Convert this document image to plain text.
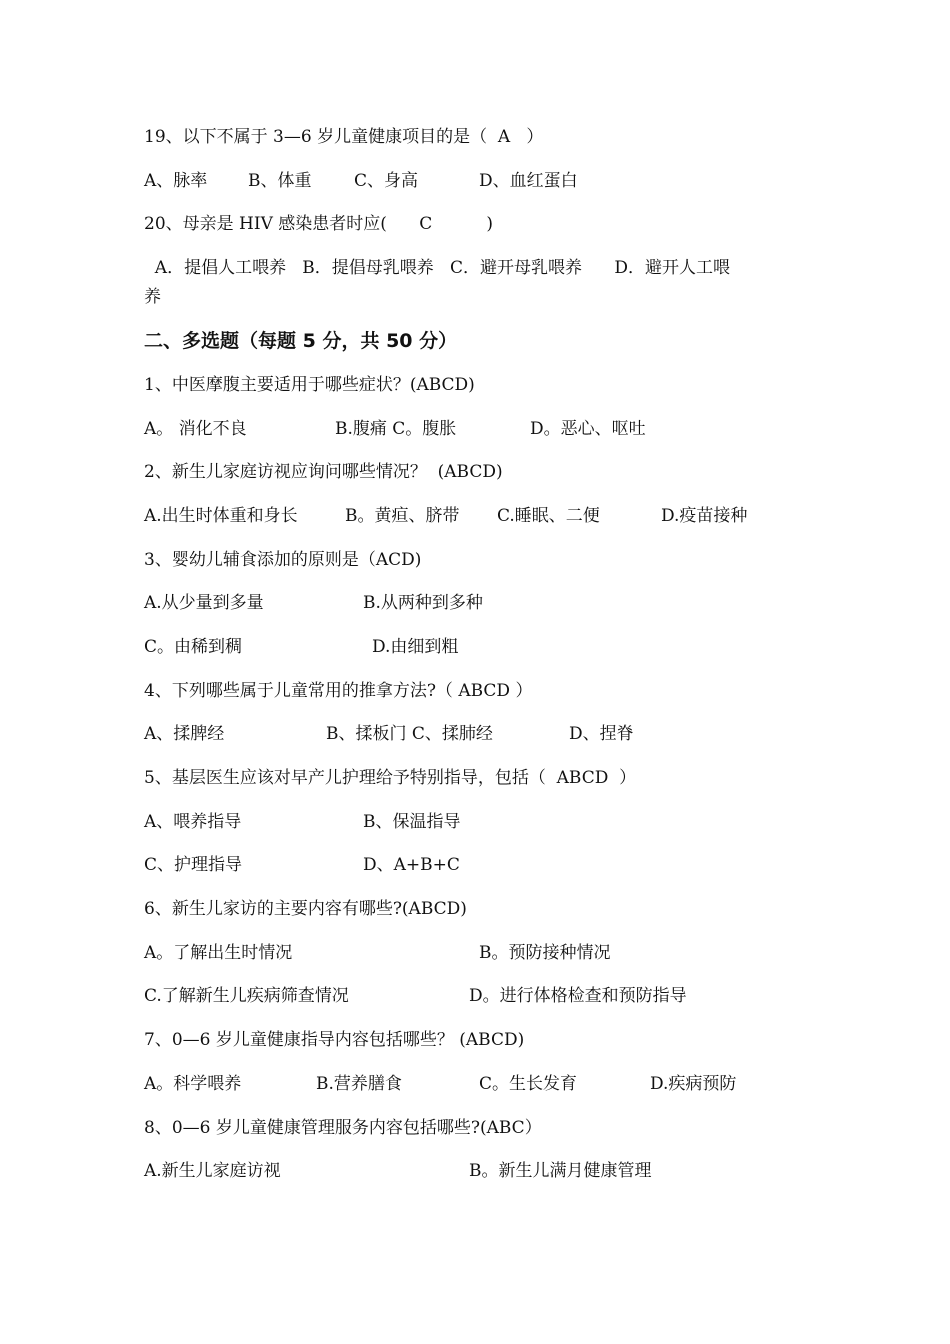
19、以下不属于 3—6 岁儿童健康项目的是（  A   ）
A、脉率 B、体重	C、身高	D、血红蛋白
20、母亲是 HIV 感染患者时应(      C          )
A．提倡人工喂养   B．提倡母乳喂养   C．避开母乳喂养      D．避开人工喂
养
二、多选题（每题 5 分，共 50 分）
1、中医摩腹主要适用于哪些症状？(ABCD)
A。 消化不良	B.腹痛 C。腹胀	D。恶心、呕吐
2、新生儿家庭访视应询问哪些情况？  (ABCD)
A.出生时体重和身长	B。黄疸、脐带 C.睡眠、二便	D.疫苗接种
3、婴幼儿辅食添加的原则是（ACD)
A.从少量到多量	B.从两种到多种
C。由稀到稠	D.由细到粗
4、下列哪些属于儿童常用的推拿方法?（ ABCD ）
A、揉脾经	B、揉板门 C、揉肺经	D、捏脊
5、基层医生应该对早产儿护理给予特别指导，包括（  ABCD  ）
A、喂养指导	B、保温指导
C、护理指导	D、A+B+C
6、新生儿家访的主要内容有哪些?(ABCD)
A。了解出生时情况	B。预防接种情况
C.了解新生儿疾病筛查情况	D。进行体格检查和预防指导
7、0—6 岁儿童健康指导内容包括哪些？ (ABCD)
A。科学喂养	B.营养膳食	C。生长发育	D.疾病预防
8、0—6 岁儿童健康管理服务内容包括哪些?(ABC）
A.新生儿家庭访视	B。新生儿满月健康管理
